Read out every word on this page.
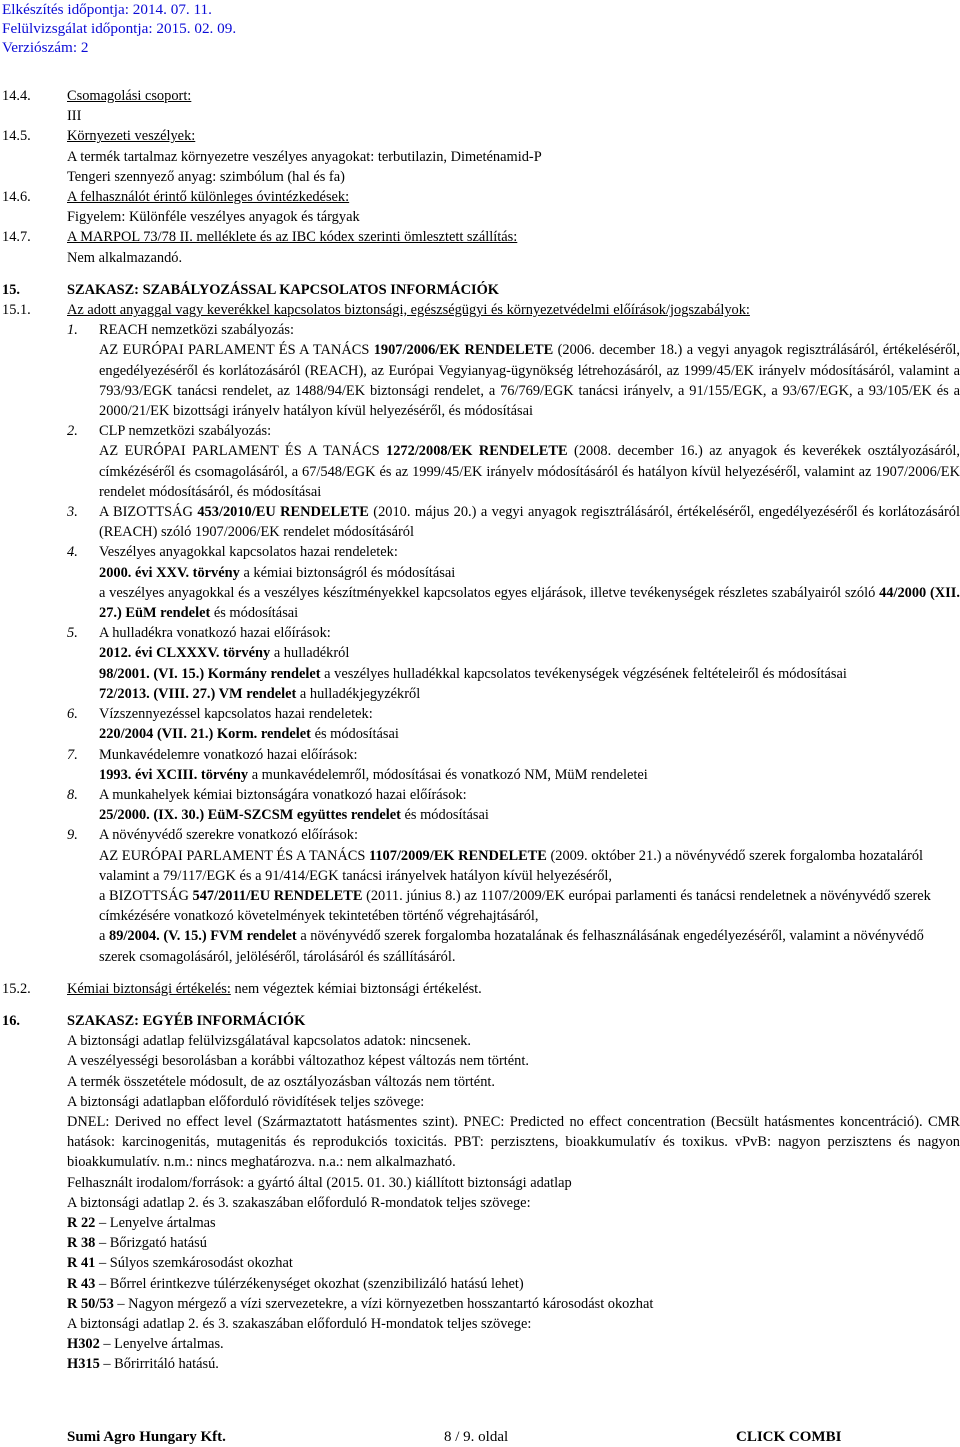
Elkészítés időpontja: 2014. 07. 11.
Felülvizsgálat időpontja: 2015. 02. 09.
Verziószám: 2
14.4.	Csomagolási csoport:
III
14.5.	Környezeti veszélyek:
A termék tartalmaz környezetre veszélyes anyagokat: terbutilazin, Dimeténamid-P
Tengeri szennyező anyag: szimbólum (hal és fa)
14.6.	A felhasználót érintő különleges óvintézkedések:
Figyelem: Különféle veszélyes anyagok és tárgyak
14.7.	A MARPOL 73/78 II. melléklete és az IBC kódex szerinti ömlesztett szállítás:
Nem alkalmazandó.
15.	SZAKASZ: SZABÁLYOZÁSSAL KAPCSOLATOS INFORMÁCIÓK
15.1.	Az adott anyaggal vagy keverékkel kapcsolatos biztonsági, egészségügyi és környezetvédelmi előírások/jogszabályok:
1. REACH nemzetközi szabályozás:
AZ EURÓPAI PARLAMENT ÉS A TANÁCS 1907/2006/EK RENDELETE (2006. december 18.) a vegyi anyagok regisztrálásáról, értékeléséről, engedélyezéséről és korlátozásáról (REACH), az Európai Vegyianyag-ügynökség létrehozásáról, az 1999/45/EK irányelv módosításáról, valamint a 793/93/EGK tanácsi rendelet, az 1488/94/EK biztonsági rendelet, a 76/769/EGK tanácsi irányelv, a 91/155/EGK, a 93/67/EGK, a 93/105/EK és a 2000/21/EK bizottsági irányelv hatályon kívül helyezéséről, és módosításai
2. CLP nemzetközi szabályozás:
AZ EURÓPAI PARLAMENT ÉS A TANÁCS 1272/2008/EK RENDELETE (2008. december 16.) az anyagok és keverékek osztályozásáról, címkézéséről és csomagolásáról, a 67/548/EGK és az 1999/45/EK irányelv módosításáról és hatályon kívül helyezéséről, valamint az 1907/2006/EK rendelet módosításáról, és módosításai
3. A BIZOTTSÁG 453/2010/EU RENDELETE (2010. május 20.) a vegyi anyagok regisztrálásáról, értékeléséről, engedélyezéséről és korlátozásáról (REACH) szóló 1907/2006/EK rendelet módosításáról
4. Veszélyes anyagokkal kapcsolatos hazai rendeletek:
2000. évi XXV. törvény a kémiai biztonságról és módosításai
a veszélyes anyagokkal és a veszélyes készítményekkel kapcsolatos egyes eljárások, illetve tevékenységek részletes szabályairól szóló 44/2000 (XII. 27.) EüM rendelet és módosításai
5. A hulladékra vonatkozó hazai előírások:
2012. évi CLXXXV. törvény a hulladékról
98/2001. (VI. 15.) Kormány rendelet a veszélyes hulladékkal kapcsolatos tevékenységek végzésének feltételeiről és módosításai
72/2013. (VIII. 27.) VM rendelet a hulladékjegyzékről
6. Vízszennyezéssel kapcsolatos hazai rendeletek:
220/2004 (VII. 21.) Korm. rendelet és módosításai
7. Munkavédelemre vonatkozó hazai előírások:
1993. évi XCIII. törvény a munkavédelemről, módosításai és vonatkozó NM, MüM rendeletei
8. A munkahelyek kémiai biztonságára vonatkozó hazai előírások:
25/2000. (IX. 30.) EüM-SZCSM együttes rendelet és módosításai
9. A növényvédő szerekre vonatkozó előírások:
AZ EURÓPAI PARLAMENT ÉS A TANÁCS 1107/2009/EK RENDELETE (2009. október 21.) a növényvédő szerek forgalomba hozataláról valamint a 79/117/EGK és a 91/414/EGK tanácsi irányelvek hatályon kívül helyezéséről,
a BIZOTTSÁG 547/2011/EU RENDELETE (2011. június 8.) az 1107/2009/EK európai parlamenti és tanácsi rendeletnek a növényvédő szerek címkézésére vonatkozó követelmények tekintetében történő végrehajtásáról,
a 89/2004. (V. 15.) FVM rendelet a növényvédő szerek forgalomba hozatalának és felhasználásának engedélyezéséről, valamint a növényvédő szerek csomagolásáról, jelöléséről, tárolásáról és szállításáról.
15.2.	Kémiai biztonsági értékelés: nem végeztek kémiai biztonsági értékelést.
16.	SZAKASZ: EGYÉB INFORMÁCIÓK
A biztonsági adatlap felülvizsgálatával kapcsolatos adatok: nincsenek.
A veszélyességi besorolásban a korábbi változathoz képest változás nem történt.
A termék összetétele módosult, de az osztályozásban változás nem történt.
A biztonsági adatlapban előforduló rövidítések teljes szövege:
DNEL: Derived no effect level (Származtatott hatásmentes szint). PNEC: Predicted no effect concentration (Becsült hatásmentes koncentráció). CMR hatások: karcinogenitás, mutagenitás és reprodukciós toxicitás. PBT: perzisztens, bioakkumulatív és toxikus. vPvB: nagyon perzisztens és nagyon bioakkumulatív. n.m.: nincs meghatározva. n.a.: nem alkalmazható.
Felhasznált irodalom/források: a gyártó által (2015. 01. 30.) kiállított biztonsági adatlap
A biztonsági adatlap 2. és 3. szakaszában előforduló R-mondatok teljes szövege:
R 22 – Lenyelve ártalmas
R 38 – Bőrizgató hatású
R 41 – Súlyos szemkárosodást okozhat
R 43 – Bőrrel érintkezve túlérzékenységet okozhat (szenzibilizáló hatású lehet)
R 50/53 – Nagyon mérgező a vízi szervezetekre, a vízi környezetben hosszantartó károsodást okozhat
A biztonsági adatlap 2. és 3. szakaszában előforduló H-mondatok teljes szövege:
H302 – Lenyelve ártalmas.
H315 – Bőrirritáló hatású.
Sumi Agro Hungary Kft.	8 / 9. oldal	CLICK COMBI
